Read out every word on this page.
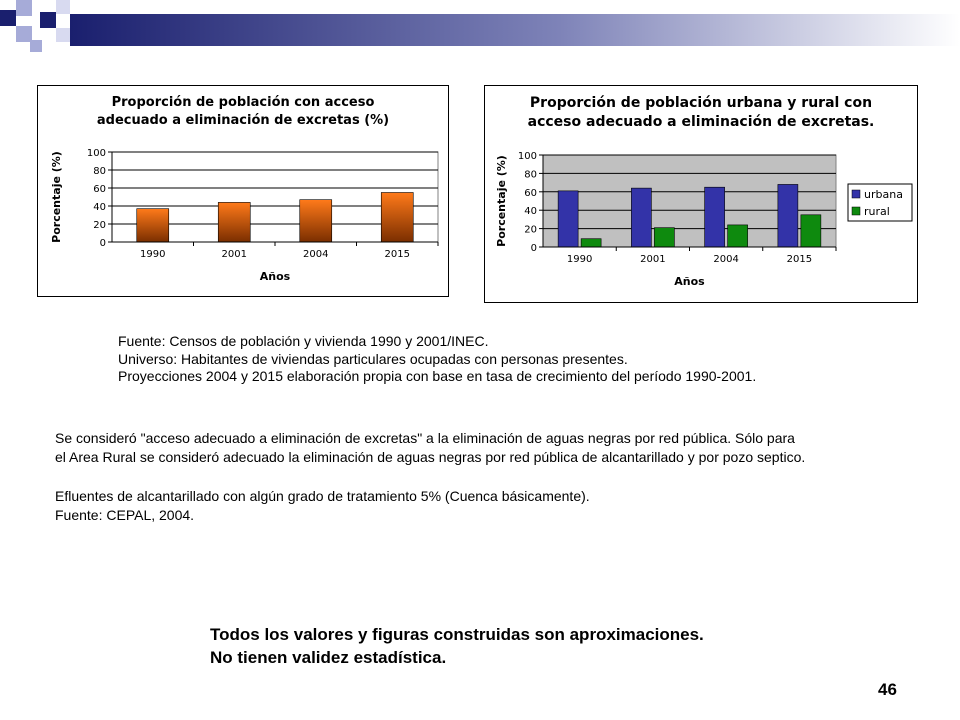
Proporción de población con acceso
adecuado a eliminación de excretas (%)
0
20
40
60
80
100
1990	2001	2004	2015
Años
Porcentaje (%)
Proporción de población urbana y rural con
acceso adecuado a eliminación de excretas.
0
20
40
60
80
100
1990	2001	2004	2015
Años
Porcentaje (%)	urbana
rural
Fuente: Censos de población y vivienda 1990 y 2001/INEC.
Universo: Habitantes de viviendas particulares ocupadas con personas presentes.
Proyecciones 2004 y 2015 elaboración propia con base en tasa de crecimiento del período 1990-2001.
Se consideró "acceso adecuado a eliminación de excretas" a la eliminación de aguas negras por red pública. Sólo para
el Area Rural se consideró adecuado la eliminación de aguas negras por red pública de alcantarillado y por pozo septico.
Efluentes de alcantarillado con algún grado de tratamiento 5% (Cuenca básicamente).
Fuente: CEPAL, 2004.
Todos los valores y figuras construidas son aproximaciones.
No tienen validez estadística.
46
